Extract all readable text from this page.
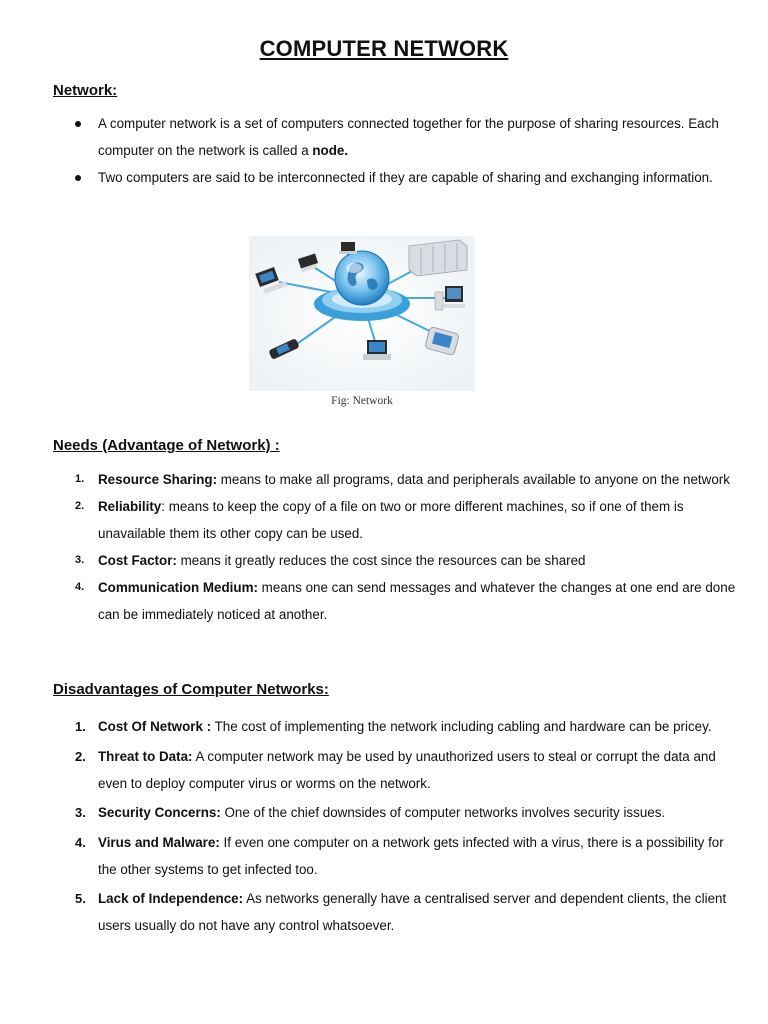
COMPUTER NETWORK
Network:
A computer network is a set of computers connected together for the purpose of sharing resources. Each computer on the network is called a node.
Two computers are said to be interconnected if they are capable of sharing and exchanging information.
Fig: Network
Needs (Advantage of Network) :
1. Resource Sharing: means to make all programs, data and peripherals available to anyone on the network
2. Reliability: means to keep the copy of a file on two or more different machines, so if one of them is unavailable them its other copy can be used.
3. Cost Factor: means it greatly reduces the cost since the resources can be shared
4. Communication Medium: means one can send messages and whatever the changes at one end are done can be immediately noticed at another.
Disadvantages of Computer Networks:
1. Cost Of Network : The cost of implementing the network including cabling and hardware can be pricey.
2. Threat to Data: A computer network may be used by unauthorized users to steal or corrupt the data and even to deploy computer virus or worms on the network.
3. Security Concerns: One of the chief downsides of computer networks involves security issues.
4. Virus and Malware: If even one computer on a network gets infected with a virus, there is a possibility for the other systems to get infected too.
5. Lack of Independence: As networks generally have a centralised server and dependent clients, the client users usually do not have any control whatsoever.
